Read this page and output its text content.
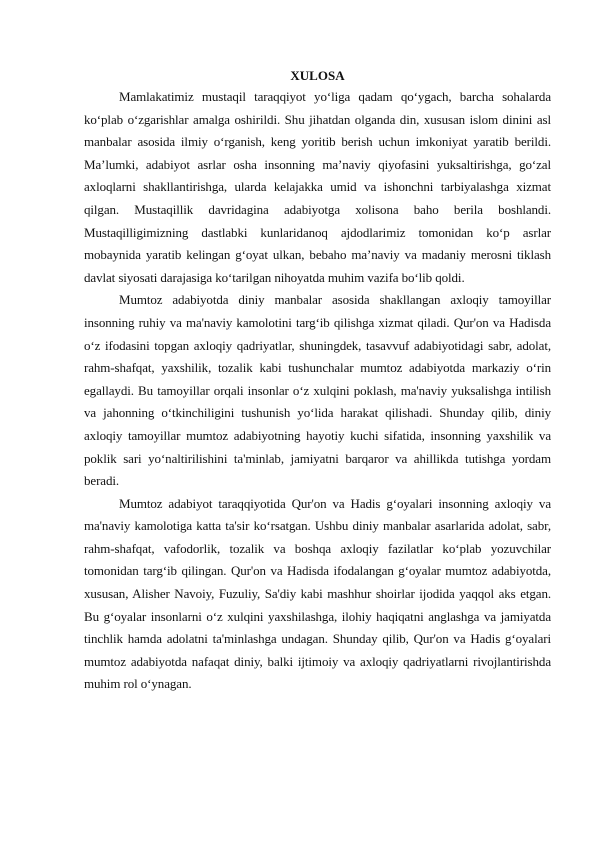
XULOSA

Mamlakatimiz mustaqil taraqqiyot yo‘liga qadam qo‘ygach, barcha sohalarda ko‘plab o‘zgarishlar amalga oshirildi. Shu jihatdan olganda din, xususan islom dinini asl manbalar asosida ilmiy o‘rganish, keng yoritib berish uchun imkoniyat yaratib berildi. Ma’lumki, adabiyot asrlar osha insonning ma’naviy qiyofasini yuksaltirishga, go‘zal axloqlarni shakllantirishga, ularda kelajakka umid va ishonchni tarbiyalashga xizmat qilgan. Mustaqillik davridagina adabiyotga xolisona baho berila boshlandi. Mustaqilligimizning dastlabki kunlaridanoq ajdodlarimiz tomonidan ko‘p asrlar mobaynida yaratib kelingan g‘oyat ulkan, bebaho ma’naviy va madaniy merosni tiklash davlat siyosati darajasiga ko‘tarilgan nihoyatda muhim vazifa bo‘lib qoldi.

Mumtoz adabiyotda diniy manbalar asosida shakllangan axloqiy tamoyillar insonning ruhiy va ma'naviy kamolotini targ‘ib qilishga xizmat qiladi. Qur'on va Hadisda o‘z ifodasini topgan axloqiy qadriyatlar, shuningdek, tasavvuf adabiyotidagi sabr, adolat, rahm-shafqat, yaxshilik, tozalik kabi tushunchalar mumtoz adabiyotda markaziy o‘rin egallaydi. Bu tamoyillar orqali insonlar o‘z xulqini poklash, ma'naviy yuksalishga intilish va jahonning o‘tkinchiligini tushunish yo‘lida harakat qilishadi. Shunday qilib, diniy axloqiy tamoyillar mumtoz adabiyotning hayotiy kuchi sifatida, insonning yaxshilik va poklik sari yo‘naltirilishini ta'minlab, jamiyatni barqaror va ahillikda tutishga yordam beradi.

Mumtoz adabiyot taraqqiyotida Qur'on va Hadis g‘oyalari insonning axloqiy va ma'naviy kamolotiga katta ta'sir ko‘rsatgan. Ushbu diniy manbalar asarlarida adolat, sabr, rahm-shafqat, vafodorlik, tozalik va boshqa axloqiy fazilatlar ko‘plab yozuvchilar tomonidan targ‘ib qilingan. Qur'on va Hadisda ifodalangan g‘oyalar mumtoz adabiyotda, xususan, Alisher Navoiy, Fuzuliy, Sa'diy kabi mashhur shoirlar ijodida yaqqol aks etgan. Bu g‘oyalar insonlarni o‘z xulqini yaxshilashga, ilohiy haqiqatni anglashga va jamiyatda tinchlik hamda adolatni ta'minlashga undagan. Shunday qilib, Qur'on va Hadis g‘oyalari mumtoz adabiyotda nafaqat diniy, balki ijtimoiy va axloqiy qadriyatlarni rivojlantirishda muhim rol o‘ynagan.
